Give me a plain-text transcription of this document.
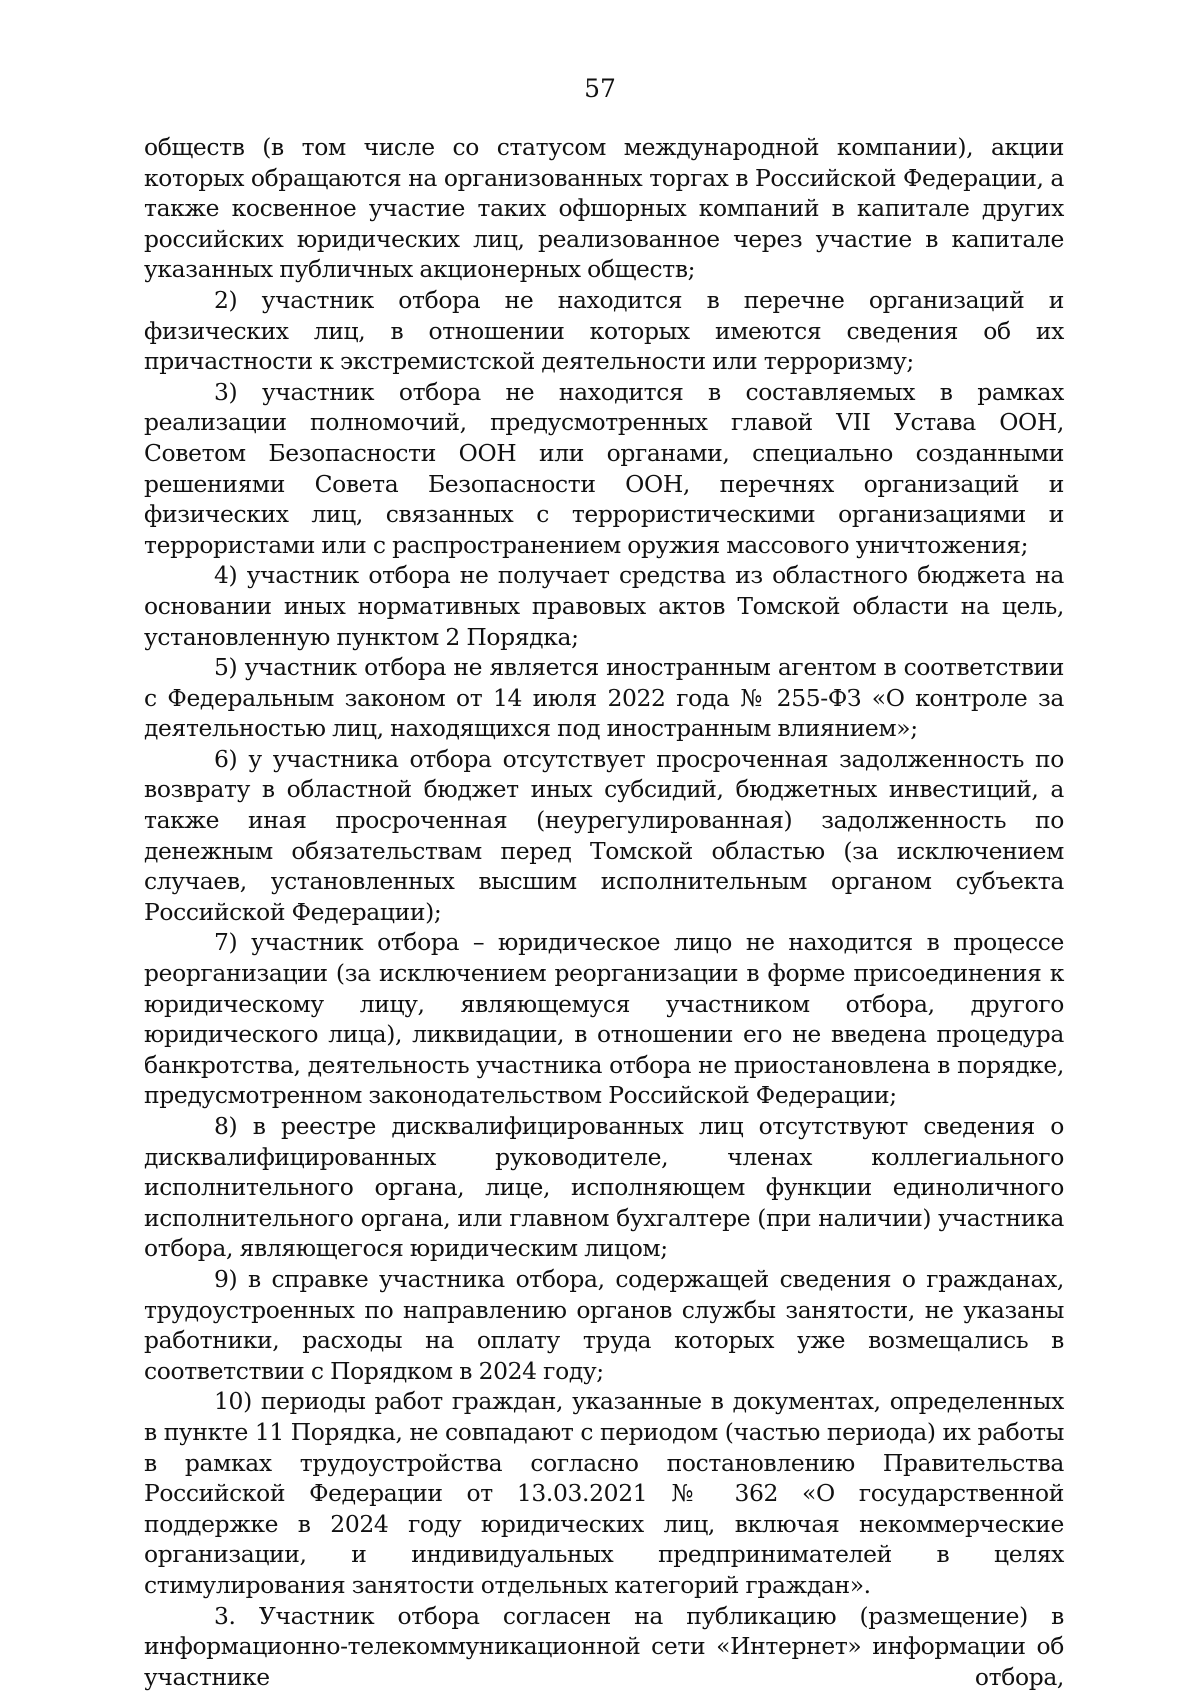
57

обществ (в том числе со статусом международной компании), акции которых обращаются на организованных торгах в Российской Федерации, а также косвенное участие таких офшорных компаний в капитале других российских юридических лиц, реализованное через участие в капитале указанных публичных акционерных обществ;

2) участник отбора не находится в перечне организаций и физических лиц, в отношении которых имеются сведения об их причастности к экстремистской деятельности или терроризму;

3) участник отбора не находится в составляемых в рамках реализации полномочий, предусмотренных главой VII Устава ООН, Советом Безопасности ООН или органами, специально созданными решениями Совета Безопасности ООН, перечнях организаций и физических лиц, связанных с террористическими организациями и террористами или с распространением оружия массового уничтожения;

4) участник отбора не получает средства из областного бюджета на основании иных нормативных правовых актов Томской области на цель, установленную пунктом 2 Порядка;

5) участник отбора не является иностранным агентом в соответствии с Федеральным законом от 14 июля 2022 года № 255-ФЗ «О контроле за деятельностью лиц, находящихся под иностранным влиянием»;

6) у участника отбора отсутствует просроченная задолженность по возврату в областной бюджет иных субсидий, бюджетных инвестиций, а также иная просроченная (неурегулированная) задолженность по денежным обязательствам перед Томской областью (за исключением случаев, установленных высшим исполнительным органом субъекта Российской Федерации);

7) участник отбора – юридическое лицо не находится в процессе реорганизации (за исключением реорганизации в форме присоединения к юридическому лицу, являющемуся участником отбора, другого юридического лица), ликвидации, в отношении его не введена процедура банкротства, деятельность участника отбора не приостановлена в порядке, предусмотренном законодательством Российской Федерации;

8) в реестре дисквалифицированных лиц отсутствуют сведения о дисквалифицированных руководителе, членах коллегиального исполнительного органа, лице, исполняющем функции единоличного исполнительного органа, или главном бухгалтере (при наличии) участника отбора, являющегося юридическим лицом;

9) в справке участника отбора, содержащей сведения о гражданах, трудоустроенных по направлению органов службы занятости, не указаны работники, расходы на оплату труда которых уже возмещались в соответствии с Порядком в 2024 году;

10) периоды работ граждан, указанные в документах, определенных в пункте 11 Порядка, не совпадают с периодом (частью периода) их работы в рамках трудоустройства согласно постановлению Правительства Российской Федерации от 13.03.2021 № 362 «О государственной поддержке в 2024 году юридических лиц, включая некоммерческие организации, и индивидуальных предпринимателей в целях стимулирования занятости отдельных категорий граждан».

3. Участник отбора согласен на публикацию (размещение) в информационно-телекоммуникационной сети «Интернет» информации об участнике отбора,
